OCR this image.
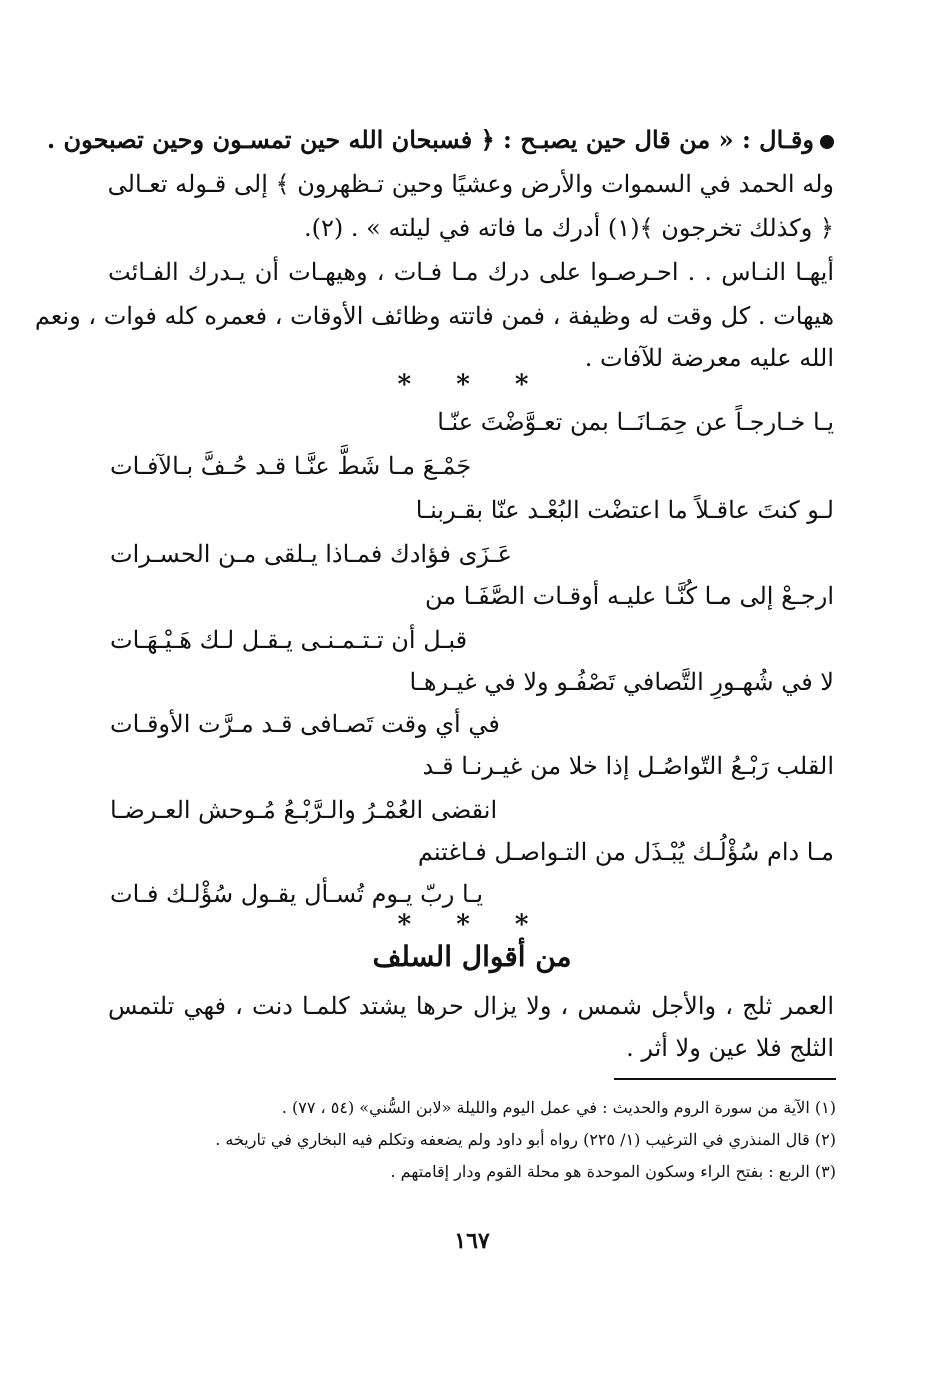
وقـال : « من قال حين يصبـح : ﴿ فسبحان الله حين تمسـون وحين تصبحون .
وله الحمد في السموات والأرض وعشيًا وحين تـظهرون ﴾ إلى قـوله تعـالى
﴿ وكذلك تخرجون ﴾(١) أدرك ما فاته في ليلته » . (٢).
أيهـا النـاس . . احـرصـوا على درك مـا فـات ، وهيهـات أن يـدرك الفـائت
هيهات . كل وقت له وظيفة ، فمن فاتته وظائف الأوقات ، فعمره كله فوات ، ونعم
الله عليه معرضة للآفات .
* * *
يـا خـارجـاً عن حِمَـانَــا بمن تعـوَّضْتَ عنّـا
جَمْـعَ مـا شَطَّ عنَّـا قـد حُـفَّ بـالآفـات
لـو كنتَ عاقـلاً ما اعتضْت البُعْـد عنّا بقـربنـا
عَـزَى فؤادك فمـاذا يـلقى مـن الحسـرات
ارجـعْ إلى مـا كُنَّـا عليـه أوقـات الصَّفَـا من
قبـل أن تـتـمـنـى يـقـل لـك هَـيْـهَـات
لا في شُهـورِ التَّصافي تَصْفُـو ولا في غيـرهـا
في أي وقت تَصـافى قـد مـرَّت الأوقـات
القلب رَبْـعُ التّواصُـل إذا خلا من غيـرنـا قـد
انقضى العُمْـرُ والـرَّبْـعُ مُـوحش العـرضـا
مـا دام سُؤْلُـك يُبْـذَل من التـواصـل فـاغتنم
يـا ربّ يـوم تُسـأل يقـول سُؤْلـك فـات
* * *
من أقوال السلف
العمر ثلج ، والأجل شمس ، ولا يزال حرها يشتد كلمـا دنت ، فهي تلتمس
الثلج فلا عين ولا أثر .
(١) الآية من سورة الروم والحديث : في عمل اليوم والليلة «لابن السُّني» (٥٤ ، ٧٧) .
(٢) قال المنذري في الترغيب (١/ ٢٢٥) رواه أبو داود ولم يضعفه وتكلم فيه البخاري في تاريخه .
(٣) الربع : بفتح الراء وسكون الموحدة هو محلة القوم ودار إقامتهم .
١٦٧
